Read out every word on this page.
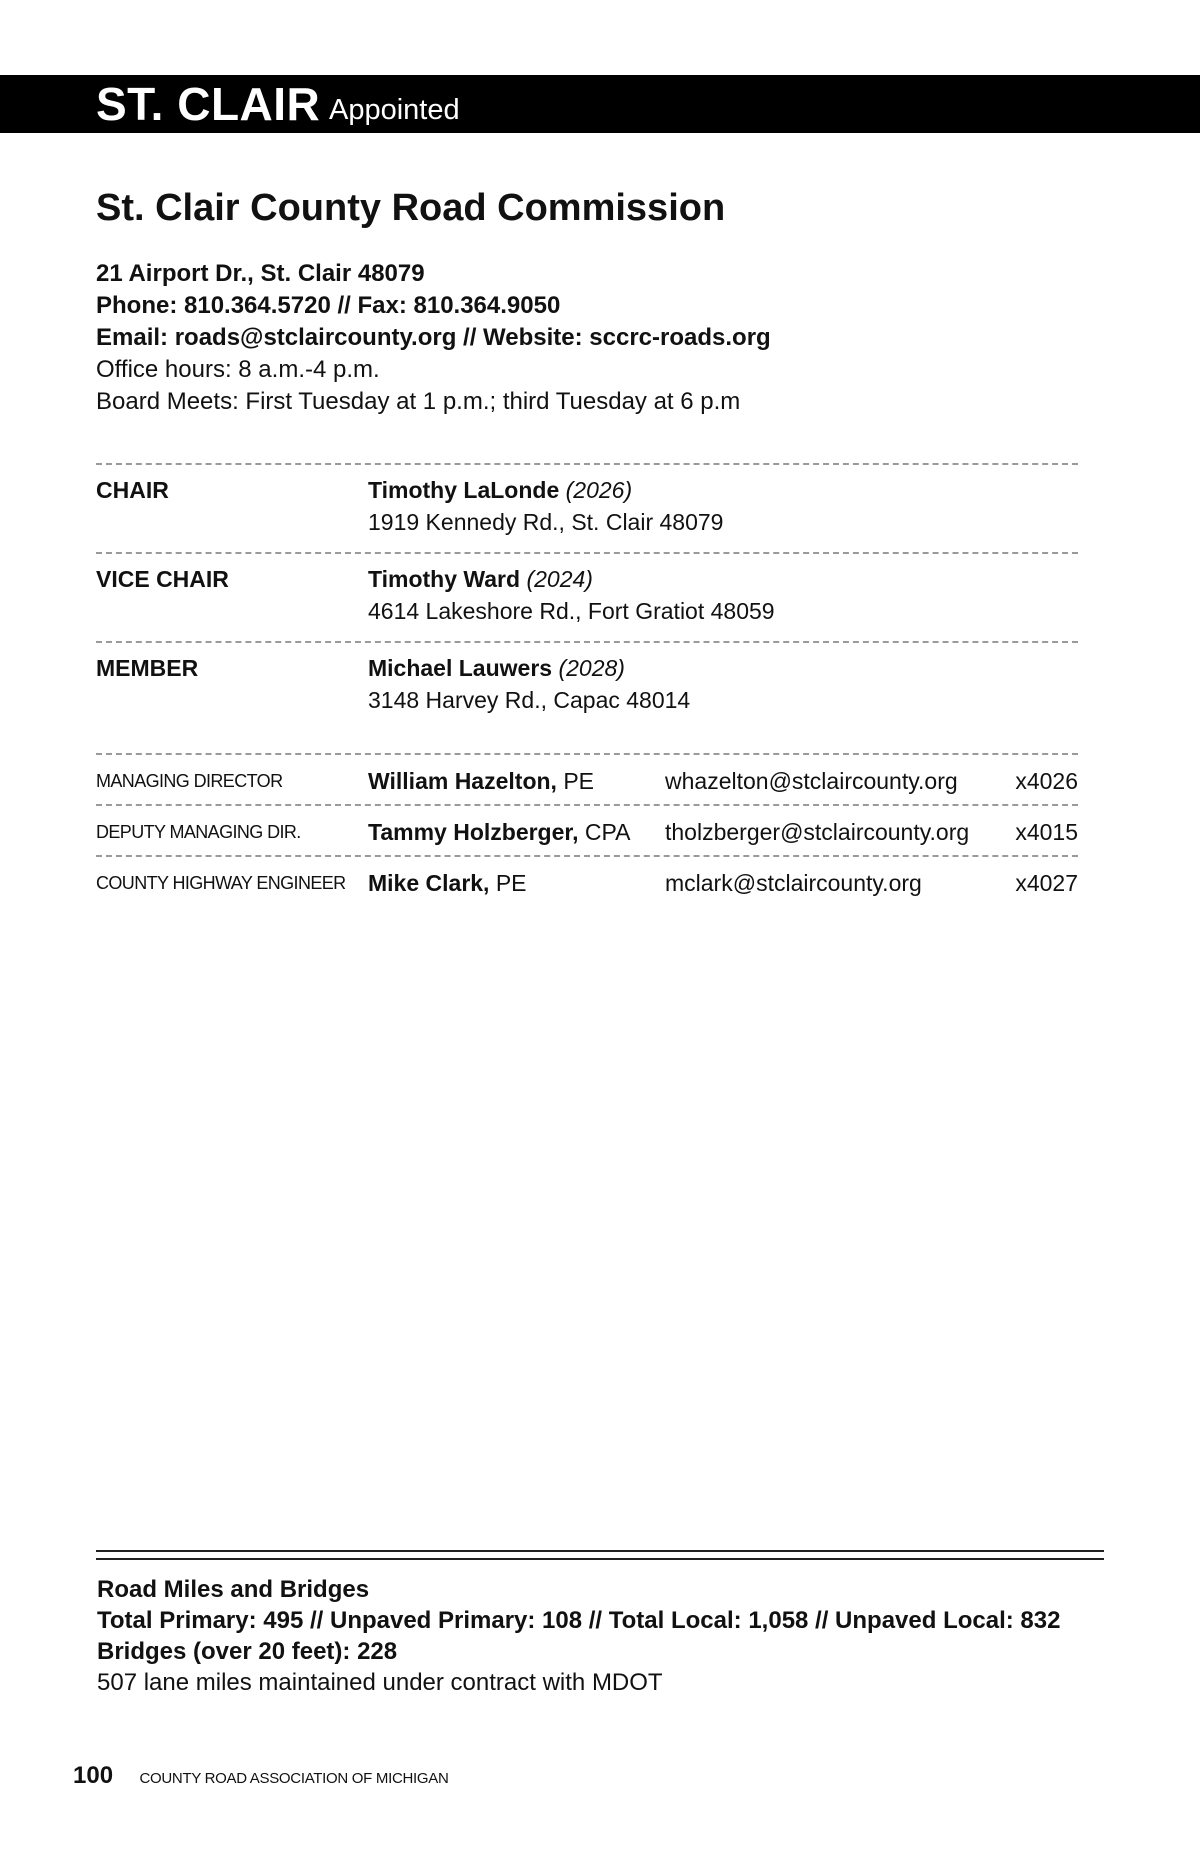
ST. CLAIR Appointed
St. Clair County Road Commission
21 Airport Dr., St. Clair 48079
Phone: 810.364.5720 // Fax: 810.364.9050
Email: roads@stclaircounty.org // Website: sccrc-roads.org
Office hours: 8 a.m.-4 p.m.
Board Meets: First Tuesday at 1 p.m.; third Tuesday at 6 p.m
CHAIR	Timothy LaLonde (2026)
1919 Kennedy Rd., St. Clair 48079
VICE CHAIR	Timothy Ward (2024)
4614 Lakeshore Rd., Fort Gratiot 48059
MEMBER	Michael Lauwers (2028)
3148 Harvey Rd., Capac 48014
MANAGING DIRECTOR	William Hazelton, PE	whazelton@stclaircounty.org	x4026
DEPUTY MANAGING DIR.	Tammy Holzberger, CPA tholzberger@stclaircounty.org x4015
COUNTY HIGHWAY ENGINEER Mike Clark, PE	mclark@stclaircounty.org	x4027
Road Miles and Bridges
Total Primary: 495 // Unpaved Primary: 108 // Total Local: 1,058 // Unpaved Local: 832
Bridges (over 20 feet): 228
507 lane miles maintained under contract with MDOT
100 COUNTY ROAD ASSOCIATION OF MICHIGAN
